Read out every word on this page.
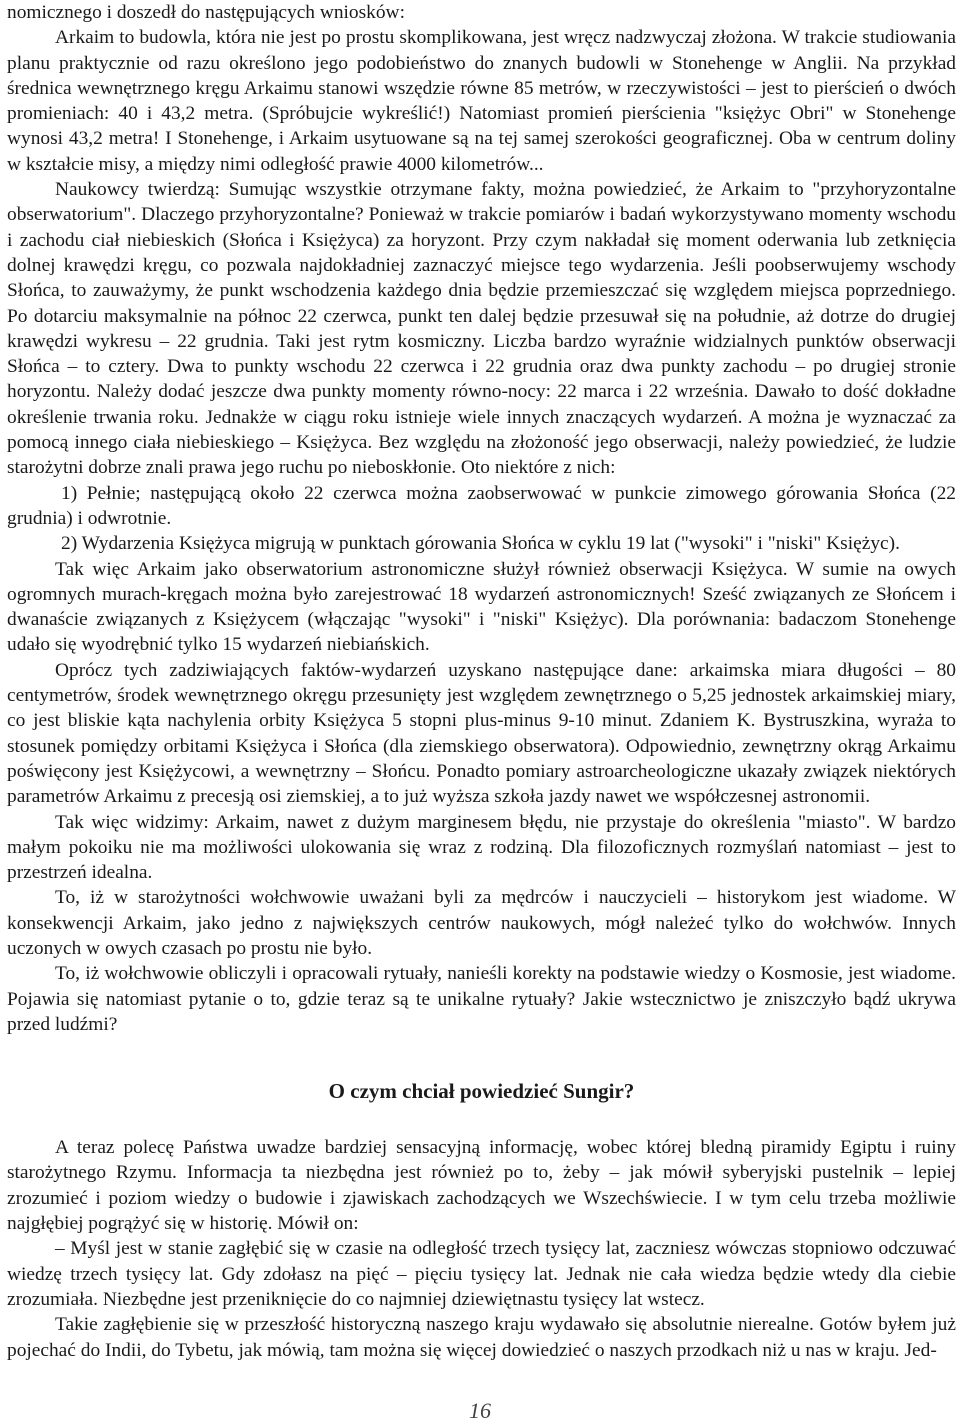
nomicznego i doszedł do następujących wniosków:

Arkaim to budowla, która nie jest po prostu skomplikowana, jest wręcz nadzwyczaj złożona. W trakcie studiowania planu praktycznie od razu określono jego podobieństwo do znanych budowli w Stonehenge w Anglii. Na przykład średnica wewnętrznego kręgu Arkaimu stanowi wszędzie równe 85 metrów, w rzeczywistości – jest to pierścień o dwóch promieniach: 40 i 43,2 metra. (Spróbujcie wykreślić!) Natomiast promień pierścienia "księżyc Obri" w Stonehenge wynosi 43,2 metra! I Stonehenge, i Arkaim usytuowane są na tej samej szerokości geograficznej. Oba w centrum doliny w kształcie misy, a między nimi odległość prawie 4000 kilometrów...

Naukowcy twierdzą: Sumując wszystkie otrzymane fakty, można powiedzieć, że Arkaim to "przyhoryzontalne obserwatorium". Dlaczego przyhoryzontalne? Ponieważ w trakcie pomiarów i badań wykorzystywano momenty wschodu i zachodu ciał niebieskich (Słońca i Księżyca) za horyzont. Przy czym nakładał się moment oderwania lub zetknięcia dolnej krawędzi kręgu, co pozwala najdokładniej zaznaczyć miejsce tego wydarzenia. Jeśli poobserwujemy wschody Słońca, to zauważymy, że punkt wschodzenia każdego dnia będzie przemieszczać się względem miejsca poprzedniego. Po dotarciu maksymalnie na północ 22 czerwca, punkt ten dalej będzie przesuwał się na południe, aż dotrze do drugiej krawędzi wykresu – 22 grudnia. Taki jest rytm kosmiczny. Liczba bardzo wyraźnie widzialnych punktów obserwacji Słońca – to cztery. Dwa to punkty wschodu 22 czerwca i 22 grudnia oraz dwa punkty zachodu – po drugiej stronie horyzontu. Należy dodać jeszcze dwa punkty momenty równo-nocy: 22 marca i 22 września. Dawało to dość dokładne określenie trwania roku. Jednakże w ciągu roku istnieje wiele innych znaczących wydarzeń. A można je wyznaczać za pomocą innego ciała niebieskiego – Księżyca. Bez względu na złożoność jego obserwacji, należy powiedzieć, że ludzie starożytni dobrze znali prawa jego ruchu po nieboskłonie. Oto niektóre z nich:

1) Pełnie; następującą około 22 czerwca można zaobserwować w punkcie zimowego górowania Słońca (22 grudnia) i odwrotnie.

2) Wydarzenia Księżyca migrują w punktach górowania Słońca w cyklu 19 lat ("wysoki" i "niski" Księżyc).

Tak więc Arkaim jako obserwatorium astronomiczne służył również obserwacji Księżyca. W sumie na owych ogromnych murach-kręgach można było zarejestrować 18 wydarzeń astronomicznych! Sześć związanych ze Słońcem i dwanaście związanych z Księżycem (włączając "wysoki" i "niski" Księżyc). Dla porównania: badaczom Stonehenge udało się wyodrębnić tylko 15 wydarzeń niebiańskich.

Oprócz tych zadziwiających faktów-wydarzeń uzyskano następujące dane: arkaimska miara długości – 80 centymetrów, środek wewnętrznego okręgu przesunięty jest względem zewnętrznego o 5,25 jednostek arkaimskiej miary, co jest bliskie kąta nachylenia orbity Księżyca 5 stopni plus-minus 9-10 minut. Zdaniem K. Bystruszkina, wyraża to stosunek pomiędzy orbitami Księżyca i Słońca (dla ziemskiego obserwatora). Odpowiednio, zewnętrzny okrąg Arkaimu poświęcony jest Księżycowi, a wewnętrzny – Słońcu. Ponadto pomiary astroarcheologiczne ukazały związek niektórych parametrów Arkaimu z precesją osi ziemskiej, a to już wyższa szkoła jazdy nawet we współczesnej astronomii.

Tak więc widzimy: Arkaim, nawet z dużym marginesem błędu, nie przystaje do określenia "miasto". W bardzo małym pokoiku nie ma możliwości ulokowania się wraz z rodziną. Dla filozoficznych rozmyślań natomiast – jest to przestrzeń idealna.

To, iż w starożytności wołchwowie uważani byli za mędrców i nauczycieli – historykom jest wiadome. W konsekwencji Arkaim, jako jedno z największych centrów naukowych, mógł należeć tylko do wołchwów. Innych uczonych w owych czasach po prostu nie było.

To, iż wołchwowie obliczyli i opracowali rytuały, nanieśli korekty na podstawie wiedzy o Kosmosie, jest wiadome. Pojawia się natomiast pytanie o to, gdzie teraz są te unikalne rytuały? Jakie wstecznictwo je zniszczyło bądź ukrywa przed ludźmi?

O czym chciał powiedzieć Sungir?

A teraz polecę Państwa uwadze bardziej sensacyjną informację, wobec której bledną piramidy Egiptu i ruiny starożytnego Rzymu. Informacja ta niezbędna jest również po to, żeby – jak mówił syberyjski pustelnik – lepiej zrozumieć i poziom wiedzy o budowie i zjawiskach zachodzących we Wszechświecie. I w tym celu trzeba możliwie najgłębiej pogrążyć się w historię. Mówił on:

– Myśl jest w stanie zagłębić się w czasie na odległość trzech tysięcy lat, zaczniesz wówczas stopniowo odczuwać wiedzę trzech tysięcy lat. Gdy zdołasz na pięć – pięciu tysięcy lat. Jednak nie cała wiedza będzie wtedy dla ciebie zrozumiała. Niezbędne jest przeniknięcie do co najmniej dziewiętnastu tysięcy lat wstecz.

Takie zagłębienie się w przeszłość historyczną naszego kraju wydawało się absolutnie nierealne. Gotów byłem już pojechać do Indii, do Tybetu, jak mówią, tam można się więcej dowiedzieć o naszych przodkach niż u nas w kraju. Jed-

16
